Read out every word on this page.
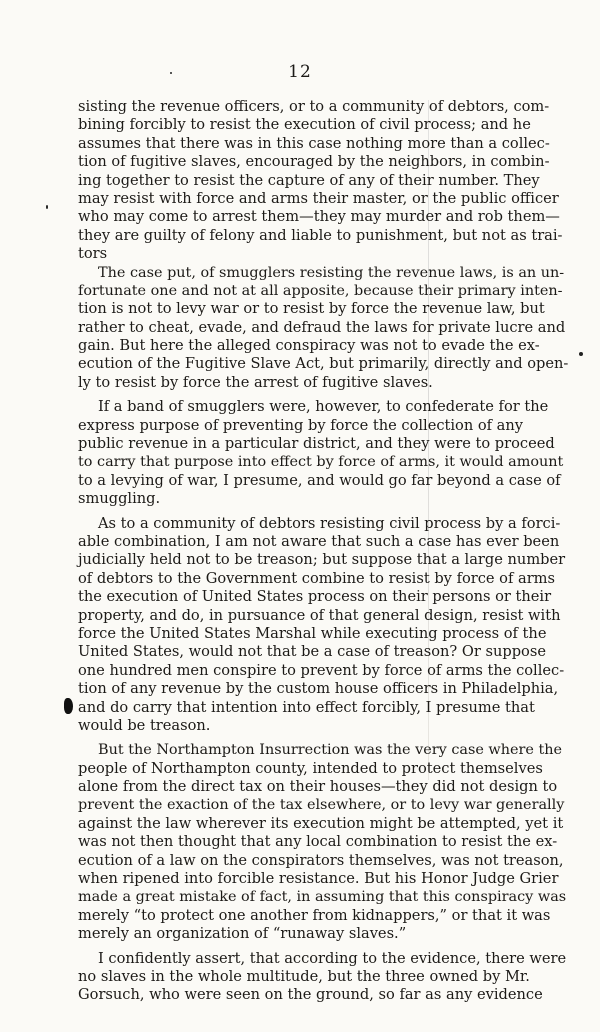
12
sisting the revenue officers, or to a community of debtors, com-
bining forcibly to resist the execution of civil process; and he
assumes that there was in this case nothing more than a collec-
tion of fugitive slaves, encouraged by the neighbors, in combin-
ing together to resist the capture of any of their number. They
may resist with force and arms their master, or the public officer
who may come to arrest them—they may murder and rob them—
they are guilty of felony and liable to punishment, but not as trai-
tors
The case put, of smugglers resisting the revenue laws, is an un-
fortunate one and not at all apposite, because their primary inten-
tion is not to levy war or to resist by force the revenue law, but
rather to cheat, evade, and defraud the laws for private lucre and
gain. But here the alleged conspiracy was not to evade the ex-
ecution of the Fugitive Slave Act, but primarily, directly and open-
ly to resist by force the arrest of fugitive slaves.
If a band of smugglers were, however, to confederate for the
express purpose of preventing by force the collection of any
public revenue in a particular district, and they were to proceed
to carry that purpose into effect by force of arms, it would amount
to a levying of war, I presume, and would go far beyond a case of
smuggling.
As to a community of debtors resisting civil process by a forci-
able combination, I am not aware that such a case has ever been
judicially held not to be treason; but suppose that a large number
of debtors to the Government combine to resist by force of arms
the execution of United States process on their persons or their
property, and do, in pursuance of that general design, resist with
force the United States Marshal while executing process of the
United States, would not that be a case of treason? Or suppose
one hundred men conspire to prevent by force of arms the collec-
tion of any revenue by the custom house officers in Philadelphia,
and do carry that intention into effect forcibly, I presume that
would be treason.
But the Northampton Insurrection was the very case where the
people of Northampton county, intended to protect themselves
alone from the direct tax on their houses—they did not design to
prevent the exaction of the tax elsewhere, or to levy war generally
against the law wherever its execution might be attempted, yet it
was not then thought that any local combination to resist the ex-
ecution of a law on the conspirators themselves, was not treason,
when ripened into forcible resistance. But his Honor Judge Grier
made a great mistake of fact, in assuming that this conspiracy was
merely “to protect one another from kidnappers,” or that it was
merely an organization of “runaway slaves.”
I confidently assert, that according to the evidence, there were
no slaves in the whole multitude, but the three owned by Mr.
Gorsuch, who were seen on the ground, so far as any evidence
